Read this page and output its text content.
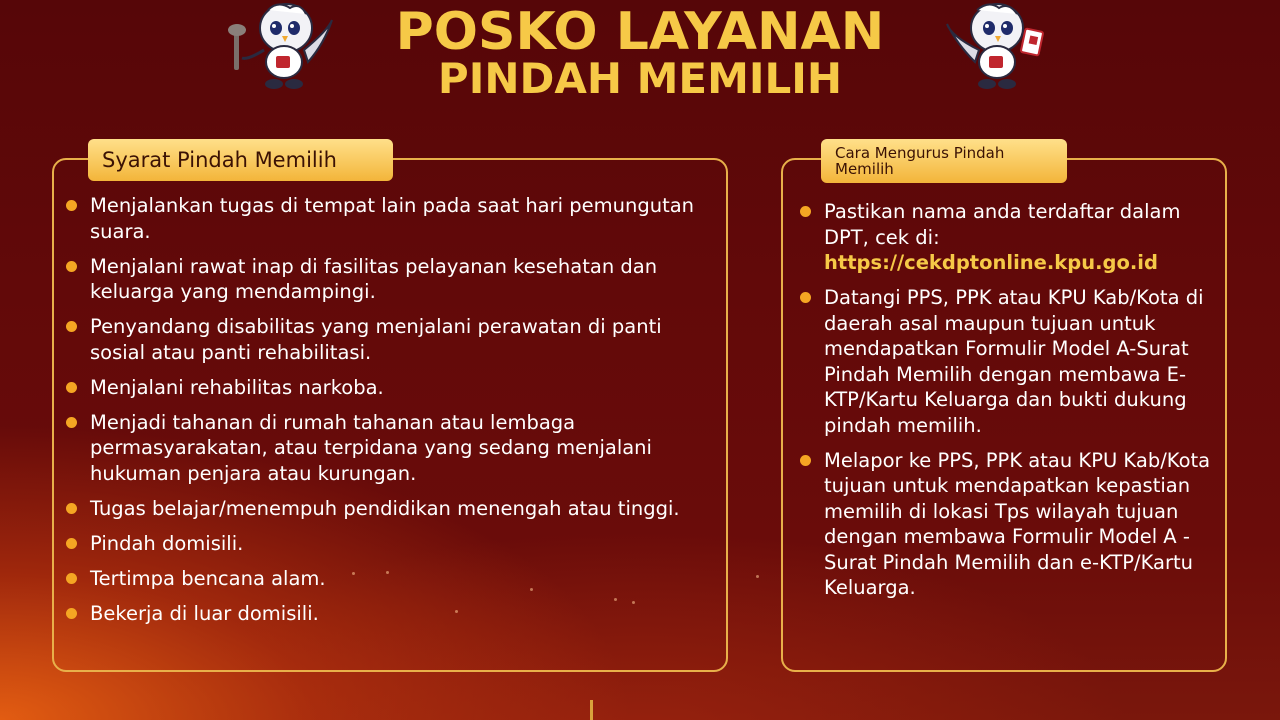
POSKO LAYANAN
PINDAH MEMILIH
Syarat Pindah Memilih
Menjalankan tugas di tempat lain pada saat hari pemungutan suara.
Menjalani rawat inap di fasilitas pelayanan kesehatan dan keluarga yang mendampingi.
Penyandang disabilitas yang menjalani perawatan di panti sosial atau panti rehabilitasi.
Menjalani rehabilitas narkoba.
Menjadi tahanan di rumah tahanan atau lembaga permasyarakatan, atau terpidana yang sedang menjalani hukuman penjara atau kurungan.
Tugas belajar/menempuh pendidikan menengah atau tinggi.
Pindah domisili.
Tertimpa bencana alam.
Bekerja di luar domisili.
Cara Mengurus Pindah Memilih
Pastikan nama anda terdaftar dalam DPT, cek di:
https://cekdptonline.kpu.go.id
Datangi PPS, PPK atau KPU Kab/Kota di daerah asal maupun tujuan untuk mendapatkan Formulir Model A-Surat Pindah Memilih dengan membawa E-KTP/Kartu Keluarga dan bukti dukung pindah memilih.
Melapor ke PPS, PPK atau KPU Kab/Kota tujuan untuk mendapatkan kepastian memilih di lokasi Tps wilayah tujuan dengan membawa Formulir Model A - Surat Pindah Memilih dan e-KTP/Kartu Keluarga.
